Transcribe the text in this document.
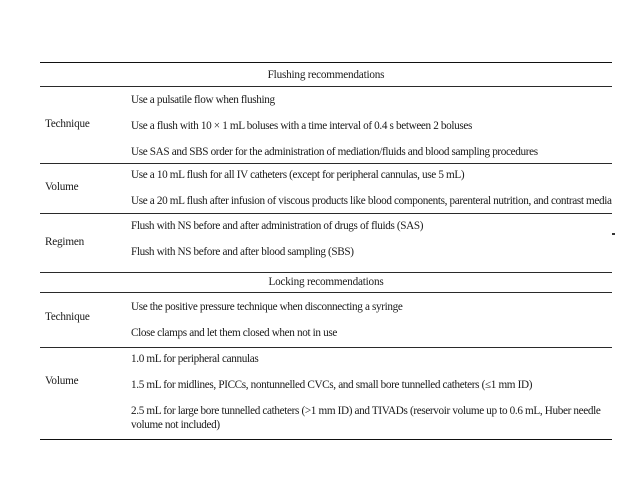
Flushing recommendations
Technique
Use a pulsatile flow when flushing
Use a flush with 10 × 1 mL boluses with a time interval of 0.4 s between 2 boluses
Use SAS and SBS order for the administration of mediation/fluids and blood sampling procedures
Volume
Use a 10 mL flush for all IV catheters (except for peripheral cannulas, use 5 mL)
Use a 20 mL flush after infusion of viscous products like blood components, parenteral nutrition, and contrast media
Regimen
Flush with NS before and after administration of drugs of fluids (SAS)
Flush with NS before and after blood sampling (SBS)
Locking recommendations
Technique
Use the positive pressure technique when disconnecting a syringe
Close clamps and let them closed when not in use
Volume
1.0 mL for peripheral cannulas
1.5 mL for midlines, PICCs, nontunnelled CVCs, and small bore tunnelled catheters (≤1 mm ID)
2.5 mL for large bore tunnelled catheters (>1 mm ID) and TIVADs (reservoir volume up to 0.6 mL, Huber needle volume not included)
